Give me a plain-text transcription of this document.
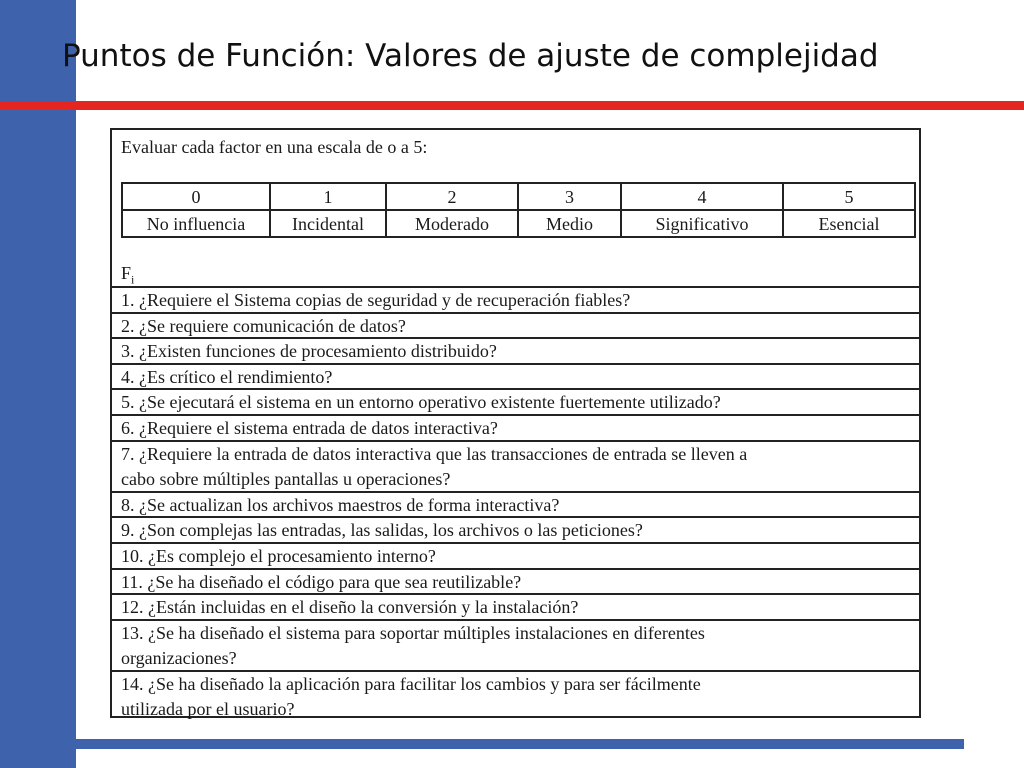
Puntos de Función: Valores de ajuste de complejidad
Evaluar cada factor en una escala de o a 5:
0	1	2	3	4	5
No influencia	Incidental	Moderado	Medio	Significativo	Esencial
$F_i$
1. ¿Requiere el Sistema copias de seguridad y de recuperación fiables?
2. ¿Se requiere comunicación de datos?
3. ¿Existen funciones de procesamiento distribuido?
4. ¿Es crítico el rendimiento?
5. ¿Se ejecutará el sistema en un entorno operativo existente fuertemente utilizado?
6. ¿Requiere el sistema entrada de datos interactiva?
7. ¿Requiere la entrada de datos interactiva que las transacciones de entrada se lleven a
cabo sobre múltiples pantallas u operaciones?
8. ¿Se actualizan los archivos maestros de forma interactiva?
9. ¿Son complejas las entradas, las salidas, los archivos o las peticiones?
10. ¿Es complejo el procesamiento interno?
11. ¿Se ha diseñado el código para que sea reutilizable?
12. ¿Están incluidas en el diseño la conversión y la instalación?
13. ¿Se ha diseñado el sistema para soportar múltiples instalaciones en diferentes
organizaciones?
14. ¿Se ha diseñado la aplicación para facilitar los cambios y para ser fácilmente
utilizada por el usuario?
